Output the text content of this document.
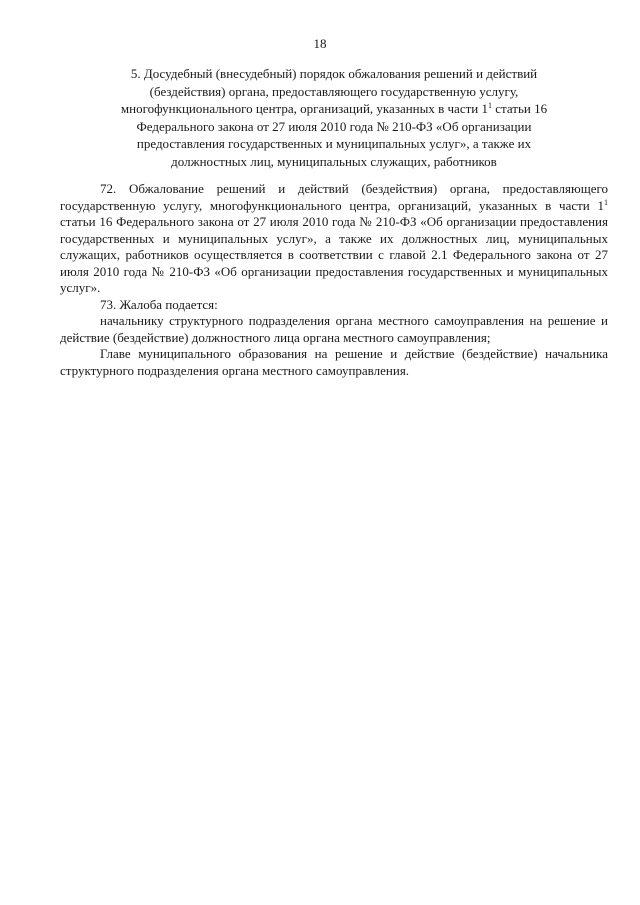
18
5. Досудебный (внесудебный) порядок обжалования решений и действий
(бездействия) органа, предоставляющего государственную услугу,
многофункционального центра, организаций, указанных в части $1^1$ статьи 16
Федерального закона от 27 июля 2010 года № 210-ФЗ «Об организации
предоставления государственных и муниципальных услуг», а также их
должностных лиц, муниципальных служащих, работников

72. Обжалование решений и действий (бездействия) органа, предоставляющего государственную услугу, многофункционального центра, организаций, указанных в части $1^1$ статьи 16 Федерального закона от 27 июля 2010 года № 210-ФЗ «Об организации предоставления государственных и муниципальных услуг», а также их должностных лиц, муниципальных служащих, работников осуществляется в соответствии с главой 2.1 Федерального закона от 27 июля 2010 года № 210-ФЗ «Об организации предоставления государственных и муниципальных услуг».

73. Жалоба подается:

начальнику структурного подразделения органа местного самоуправления на решение и действие (бездействие) должностного лица органа местного самоуправления;

Главе муниципального образования на решение и действие (бездействие) начальника структурного подразделения органа местного самоуправления.
